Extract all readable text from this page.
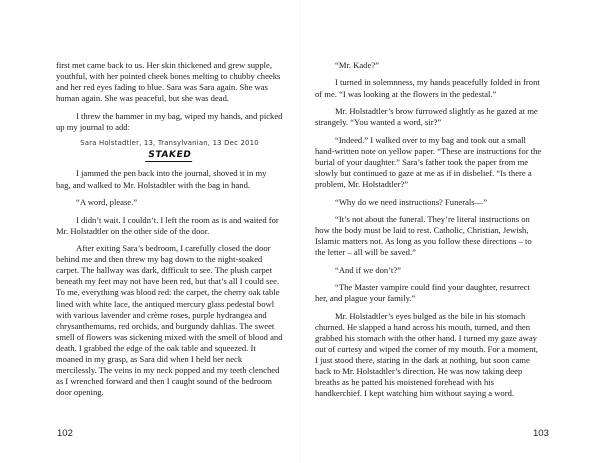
first met came back to us. Her skin thickened and grew supple, youthful, with her pointed cheek bones melting to chubby cheeks and her red eyes fading to blue. Sara was Sara again. She was human again. She was peaceful, but she was dead.

I threw the hammer in my bag, wiped my hands, and picked up my journal to add:

Sara Holstadtler, 13, Transylvanian, 13 Dec 2010
STAKED

I jammed the pen back into the journal, shoved it in my bag, and walked to Mr. Holstadtler with the bag in hand.

“A word, please.”

I didn’t wait. I couldn’t. I left the room as is and waited for Mr. Holstadtler on the other side of the door.

After exiting Sara’s bedroom, I carefully closed the door behind me and then threw my bag down to the night-soaked carpet. The hallway was dark, difficult to see. The plush carpet beneath my feet may not have been red, but that’s all I could see. To me, everything was blood red: the carpet, the cherry oak table lined with white lace, the antiqued mercury glass pedestal bowl with various lavender and crème roses, purple hydrangea and chrysanthemums, red orchids, and burgundy dahlias. The sweet smell of flowers was sickening mixed with the smell of blood and death. I grabbed the edge of the oak table and squeezed. It moaned in my grasp, as Sara did when I held her neck mercilessly. The veins in my neck popped and my teeth clenched as I wrenched forward and then I caught sound of the bedroom door opening.

“Mr. Kade?”

I turned in solemnness, my hands peacefully folded in front of me. “I was looking at the flowers in the pedestal.”

Mr. Holstadtler’s brow furrowed slightly as he gazed at me strangely. “You wanted a word, sir?”

“Indeed.” I walked over to my bag and took out a small hand-written note on yellow paper. “These are instructions for the burial of your daughter.” Sara’s father took the paper from me slowly but continued to gaze at me as if in disbelief. “Is there a problem, Mr. Holstadtler?”

“Why do we need instructions? Funerals—”

“It’s not about the funeral. They’re literal instructions on how the body must be laid to rest. Catholic, Christian, Jewish, Islamic matters not. As long as you follow these directions – to the letter – all will be saved.”

“And if we don’t?”

“The Master vampire could find your daughter, resurrect her, and plague your family.”

Mr. Holstadtler’s eyes bulged as the bile in his stomach churned. He slapped a hand across his mouth, turned, and then grabbed his stomach with the other hand. I turned my gaze away out of curtesy and wiped the corner of my mouth. For a moment, I just stood there, staring in the dark at nothing, but soon came back to Mr. Holstadtler’s direction. He was now taking deep breaths as he patted his moistened forehead with his handkerchief. I kept watching him without saying a word.

102	103
